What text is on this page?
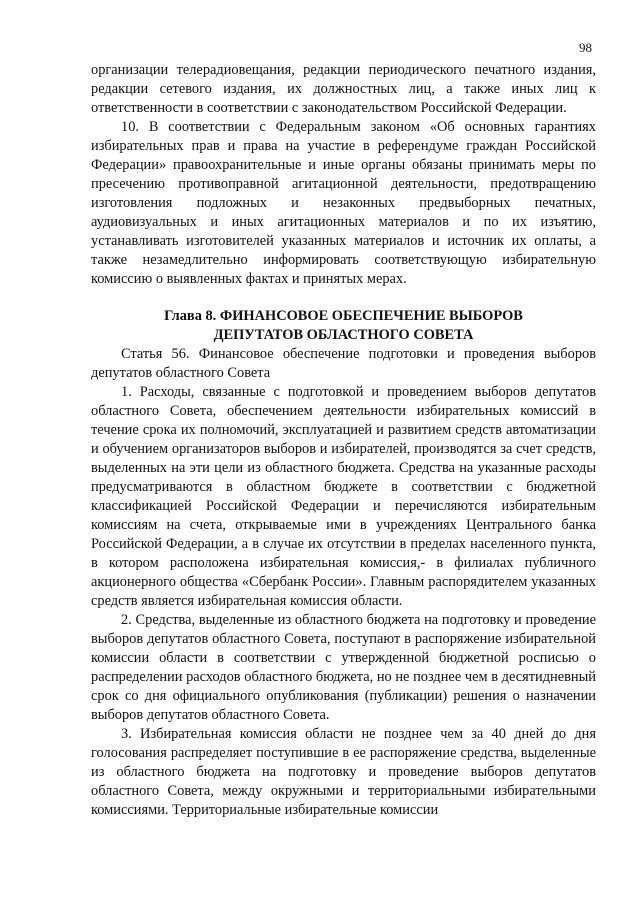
98

организации телерадиовещания, редакции периодического печатного издания, редакции сетевого издания, их должностных лиц, а также иных лиц к ответственности в соответствии с законодательством Российской Федерации.

10. В соответствии с Федеральным законом «Об основных гарантиях избирательных прав и права на участие в референдуме граждан Российской Федерации» правоохранительные и иные органы обязаны принимать меры по пресечению противоправной агитационной деятельности, предотвращению изготовления подложных и незаконных предвыборных печатных, аудиовизуальных и иных агитационных материалов и по их изъятию, устанавливать изготовителей указанных материалов и источник их оплаты, а также незамедлительно информировать соответствующую избирательную комиссию о выявленных фактах и принятых мерах.

Глава 8. ФИНАНСОВОЕ ОБЕСПЕЧЕНИЕ ВЫБОРОВ
ДЕПУТАТОВ ОБЛАСТНОГО СОВЕТА

Статья 56. Финансовое обеспечение подготовки и проведения выборов депутатов областного Совета

1. Расходы, связанные с подготовкой и проведением выборов депутатов областного Совета, обеспечением деятельности избирательных комиссий в течение срока их полномочий, эксплуатацией и развитием средств автоматизации и обучением организаторов выборов и избирателей, производятся за счет средств, выделенных на эти цели из областного бюджета. Средства на указанные расходы предусматриваются в областном бюджете в соответствии с бюджетной классификацией Российской Федерации и перечисляются избирательным комиссиям на счета, открываемые ими в учреждениях Центрального банка Российской Федерации, а в случае их отсутствии в пределах населенного пункта, в котором расположена избирательная комиссия,- в филиалах публичного акционерного общества «Сбербанк России». Главным распорядителем указанных средств является избирательная комиссия области.

2. Средства, выделенные из областного бюджета на подготовку и проведение выборов депутатов областного Совета, поступают в распоряжение избирательной комиссии области в соответствии с утвержденной бюджетной росписью о распределении расходов областного бюджета, но не позднее чем в десятидневный срок со дня официального опубликования (публикации) решения о назначении выборов депутатов областного Совета.

3. Избирательная комиссия области не позднее чем за 40 дней до дня голосования распределяет поступившие в ее распоряжение средства, выделенные из областного бюджета на подготовку и проведение выборов депутатов областного Совета, между окружными и территориальными избирательными комиссиями. Территориальные избирательные комиссии
